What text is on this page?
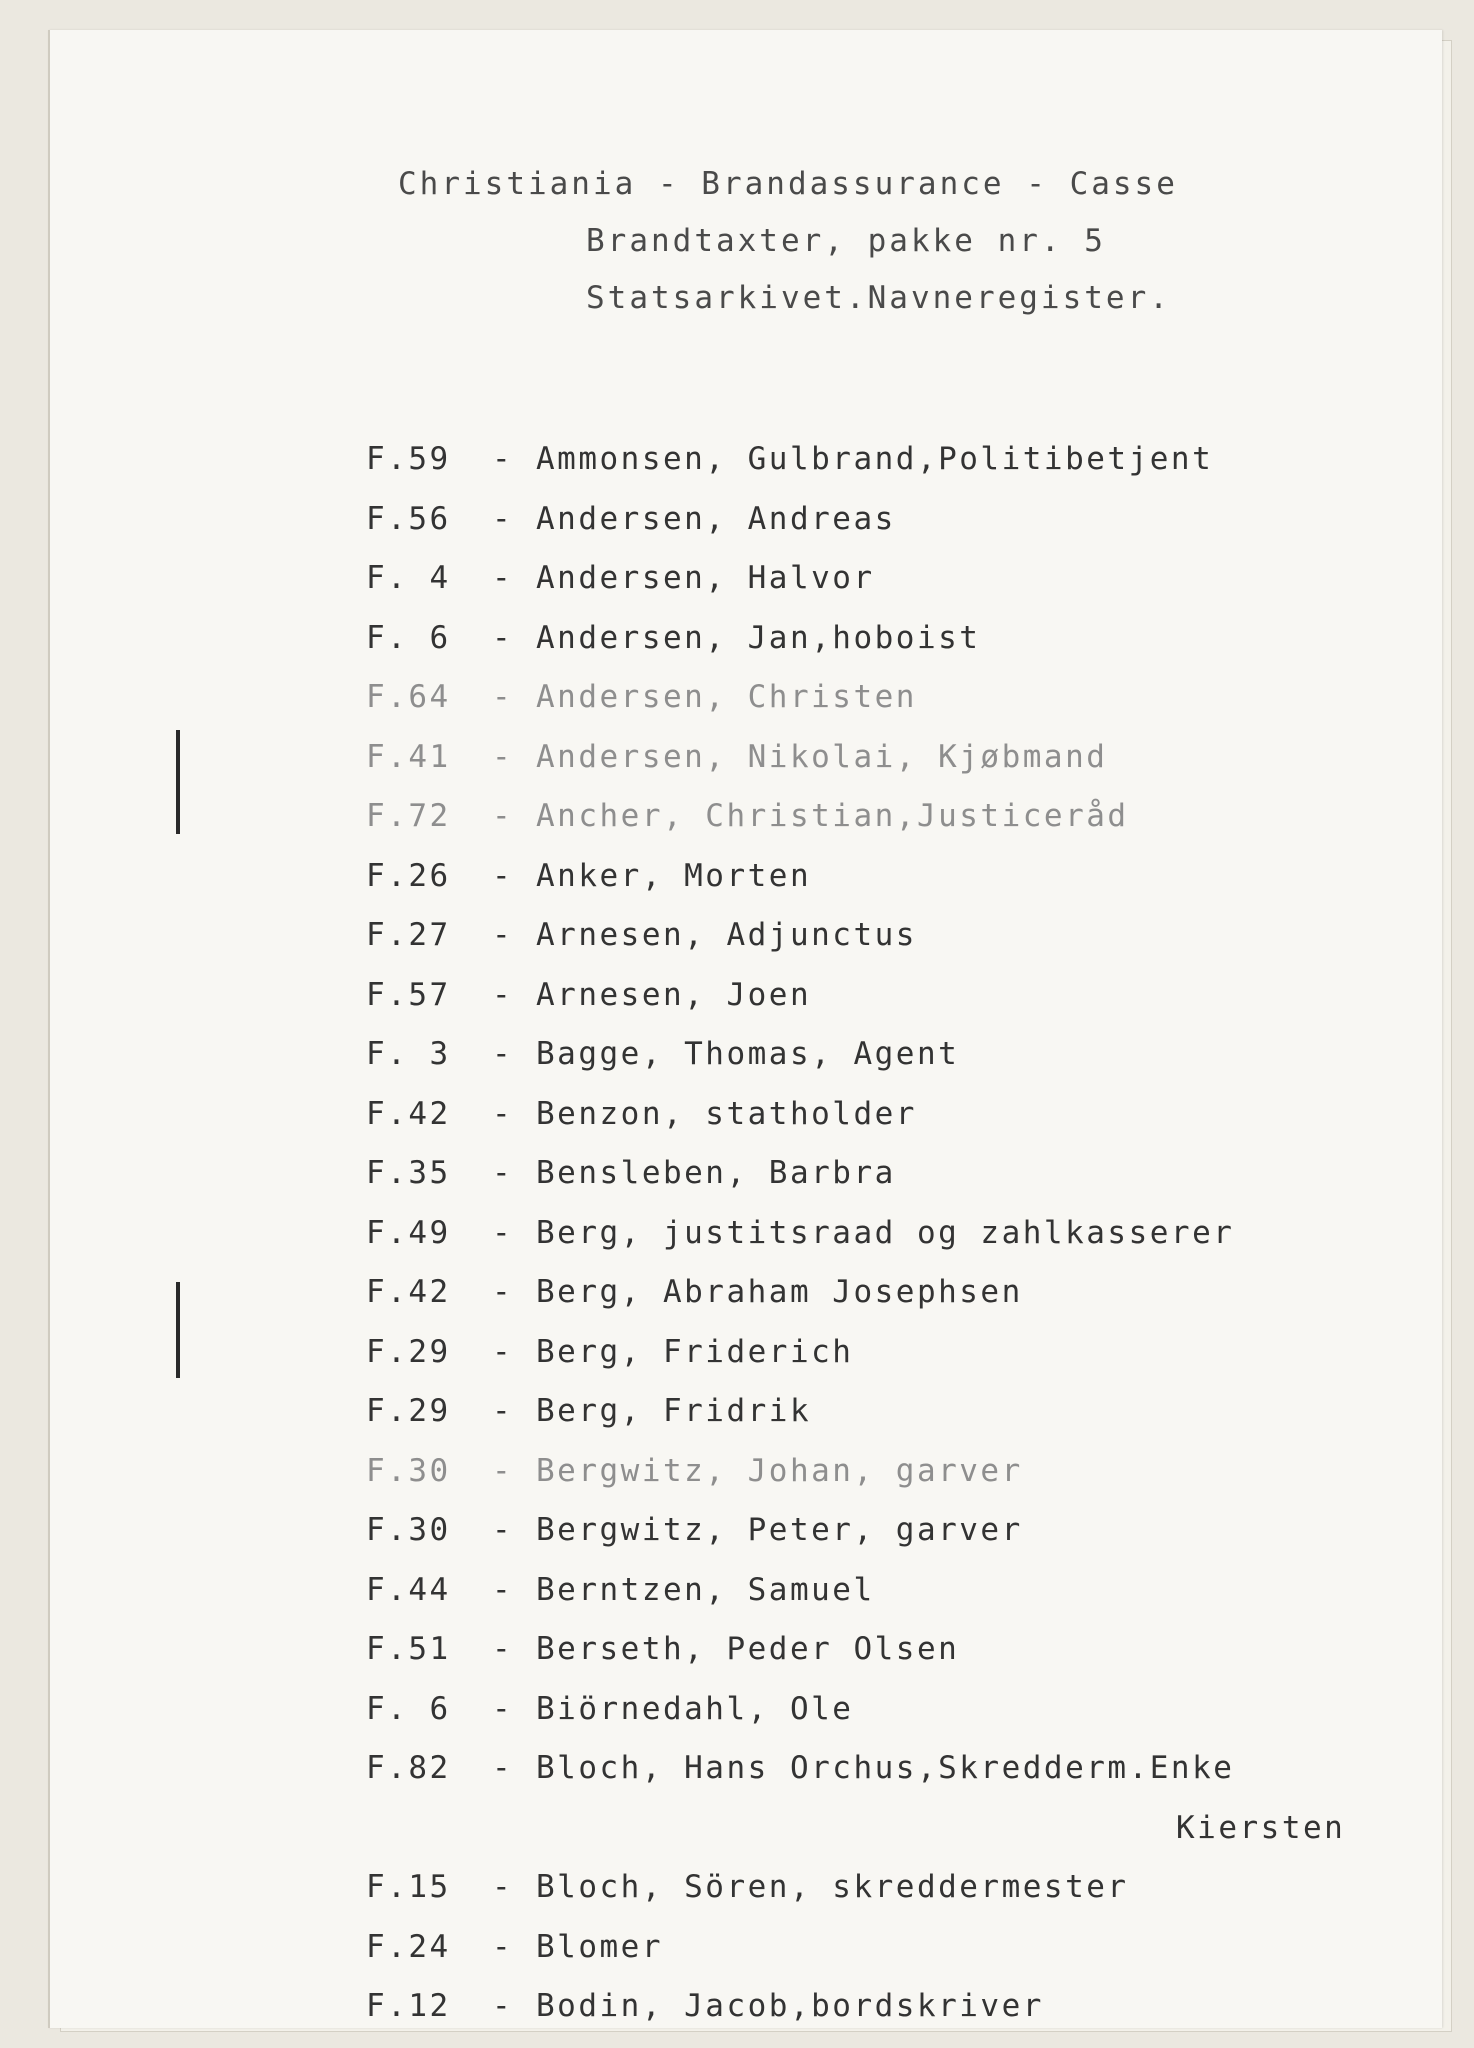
Christiania - Brandassurance - Casse
Brandtaxter, pakke nr. 5
Statsarkivet.Navneregister.
F.59	- Ammonsen, Gulbrand,Politibetjent
F.56	- Andersen, Andreas
F. 4	- Andersen, Halvor
F. 6	- Andersen, Jan,hoboist
F.64	- Andersen, Christen
F.41	- Andersen, Nikolai, Kjøbmand
F.72	- Ancher, Christian,Justiceråd
F.26	- Anker, Morten
F.27	- Arnesen, Adjunctus
F.57	- Arnesen, Joen
F. 3	- Bagge, Thomas, Agent
F.42	- Benzon, statholder
F.35	- Bensleben, Barbra
F.49	- Berg, justitsraad og zahlkasserer
F.42	- Berg, Abraham Josephsen
F.29	- Berg, Friderich
F.29	- Berg, Fridrik
F.30	- Bergwitz, Johan, garver
F.30	- Bergwitz, Peter, garver
F.44	- Berntzen, Samuel
F.51	- Berseth, Peder Olsen
F. 6	- Biörnedahl, Ole
F.82	- Bloch, Hans Orchus,Skredderm.Enke
Kiersten
F.15	- Bloch, Sören, skreddermester
F.24	- Blomer
F.12	- Bodin, Jacob,bordskriver
